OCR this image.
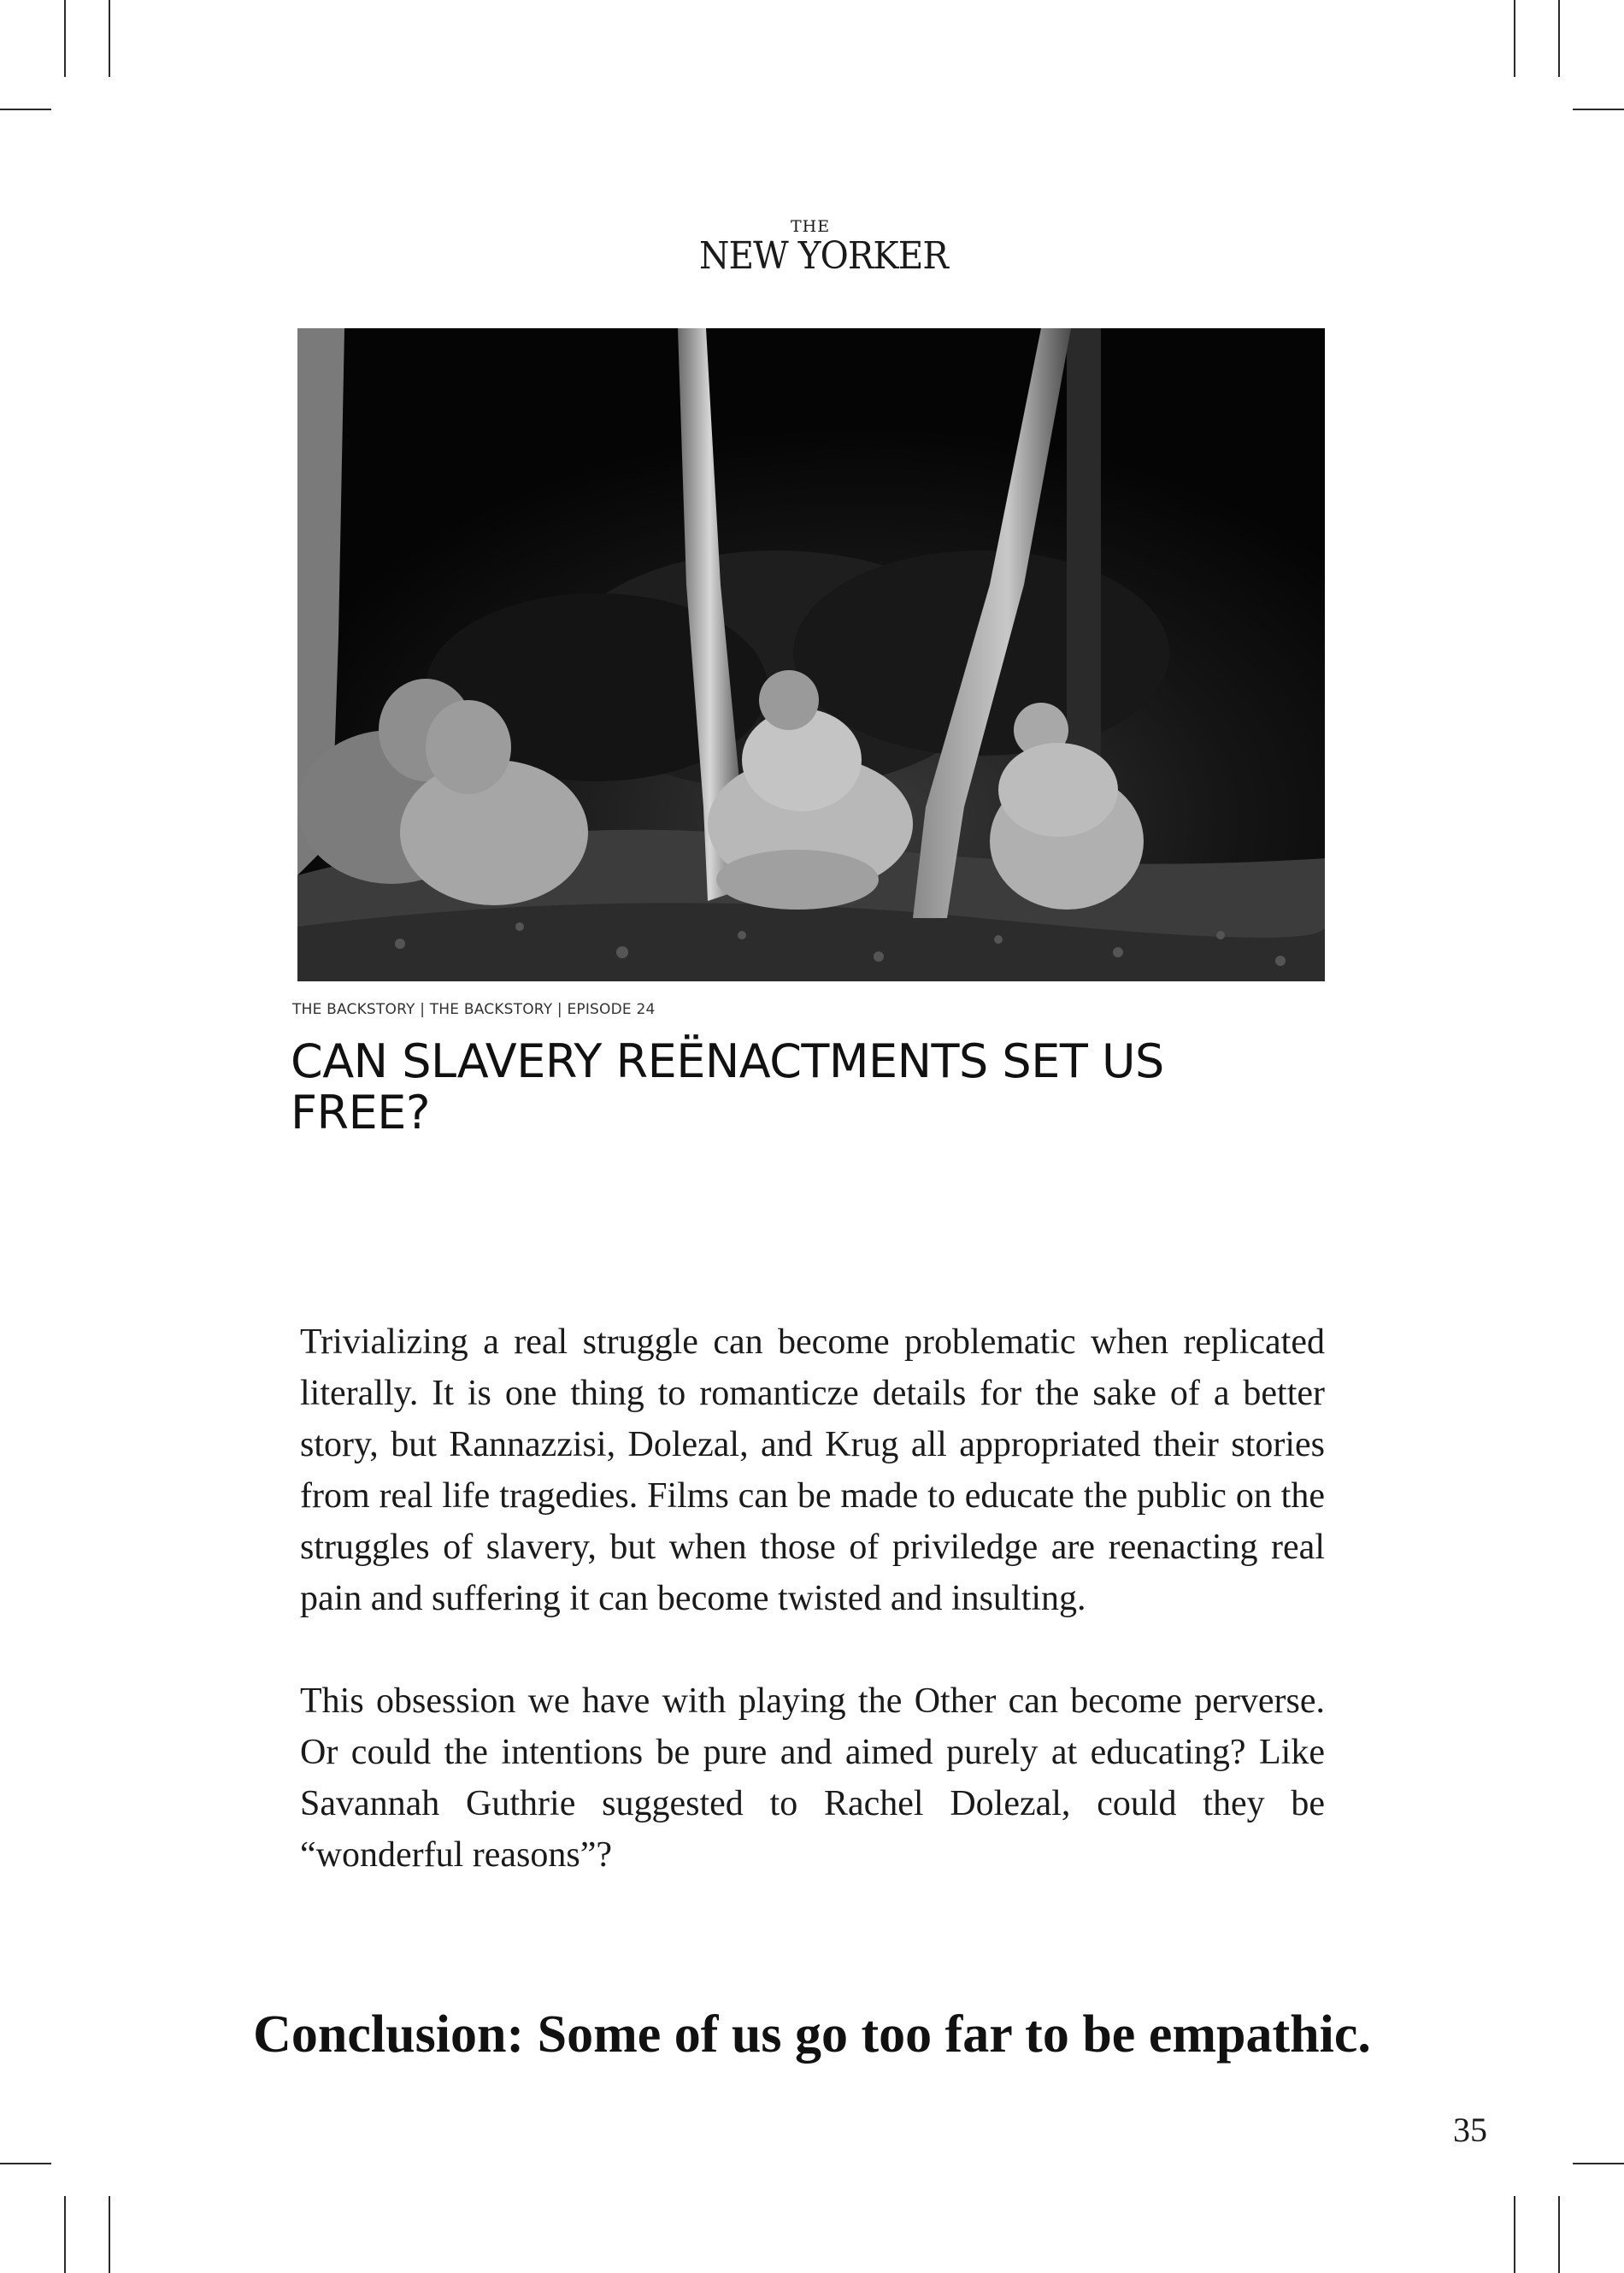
THE
NEW YORKER
THE BACKSTORY | THE BACKSTORY | EPISODE 24
CAN SLAVERY REËNACTMENTS SET US
FREE?

Trivializing a real struggle can become problematic when replicated literally. It is one thing to romanticze details for the sake of a better story, but Rannazzisi, Dolezal, and Krug all appropriated their stories from real life tragedies. Films can be made to educate the public on the struggles of slavery, but when those of priviledge are reenacting real pain and suffering it can become twisted and insulting.

This obsession we have with playing the Other can become perverse. Or could the intentions be pure and aimed purely at educating? Like Savannah Guthrie suggested to Rachel Dolezal, could they be “wonderful reasons”?

Conclusion: Some of us go too far to be empathic.
35
